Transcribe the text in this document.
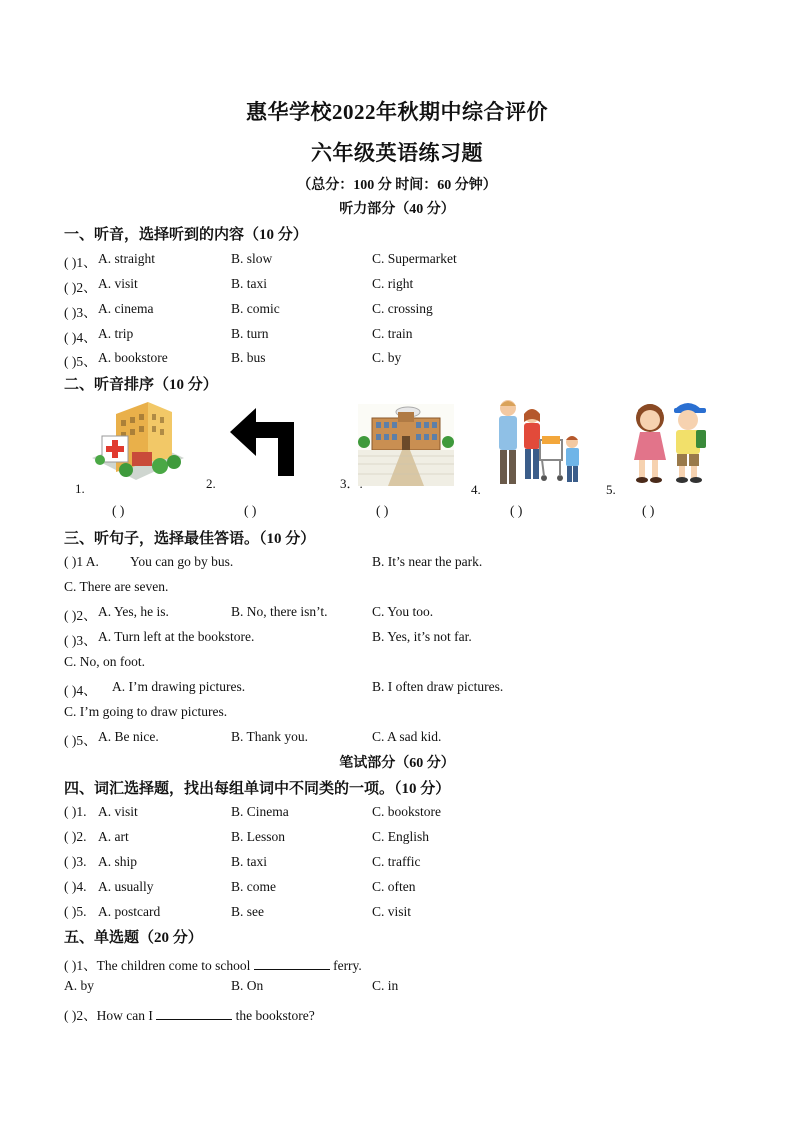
惠华学校2022年秋期中综合评价
六年级英语练习题
（总分：100 分 时间：60 分钟）
听力部分（40 分）
一、听音，选择听到的内容（10 分）
( )1、 A. straight	B. slow	C. Supermarket
( )2、 A. visit	B. taxi	C. right
( )3、 A. cinema	B. comic	C. crossing
( )4、 A. trip	B. turn	C. train
( )5、 A. bookstore	B. bus	C. by
二、听音排序（10 分）
1.	2.	3．.	4.	5.
( )	( )	( )	( )	( )
三、听句子，选择最佳答语。（10 分）
( )1 A. You can go by bus.	B. It’s near the park.
C. There are seven.
( )2、 A. Yes, he is.	B. No, there isn’t.	C. You too.
( )3、 A. Turn left at the bookstore.	B. Yes, it’s not far.
C. No, on foot.
( )4、 A. I’m drawing pictures.	B. I often draw pictures.
C. I’m going to draw pictures.
( )5、 A. Be nice.	B. Thank you.	C. A sad kid.
笔试部分（60 分）
四、词汇选择题，找出每组单词中不同类的一项。（10 分）
( )1. A. visit	B. Cinema	C. bookstore
( )2. A. art	B. Lesson	C. English
( )3. A. ship	B. taxi	C. traffic
( )4. A. usually	B. come	C. often
( )5. A. postcard	B. see	C. visit
五、单选题（20 分）
( )1、The children come to school	ferry.
A. by	B. On	C. in
( )2、How can I	the bookstore?
